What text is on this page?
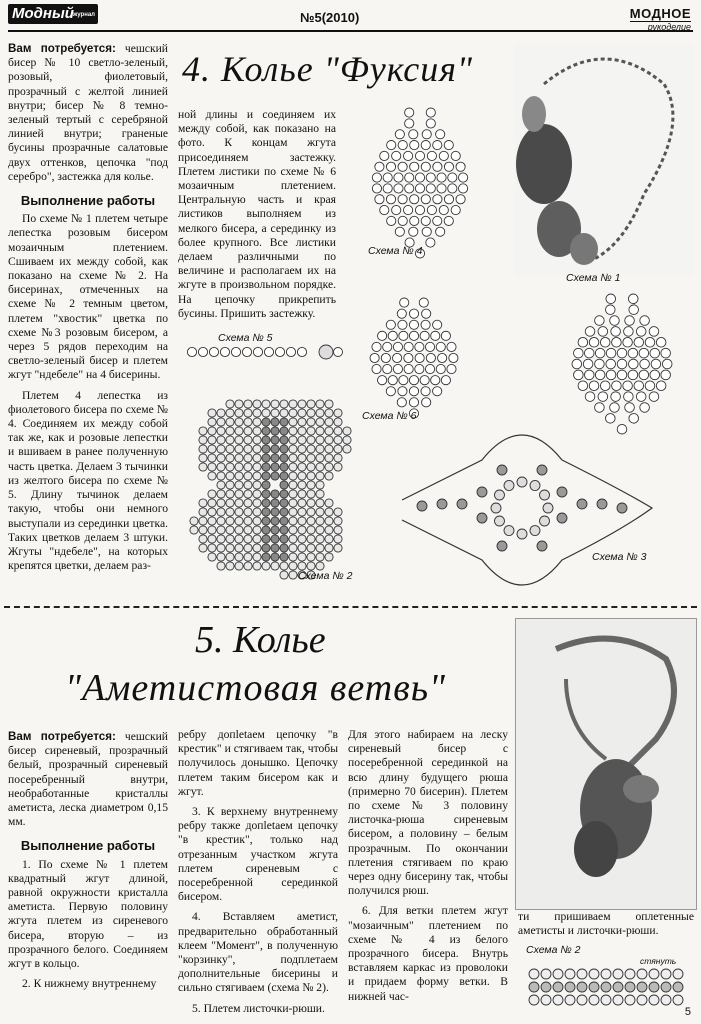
Модный журнал	№5(2010)	МОДНОЕ
рукоделие
4. Колье "Фуксия"

Вам потребуется: чешский бисер № 10 светло-зеленый, розовый, фиолетовый, прозрачный с желтой линией внутри; бисер № 8 темно-зеленый тертый с серебряной линией внутри; граненые бусины прозрачные салатовые двух оттенков, цепочка "под серебро", застежка для колье.

Выполнение работы

По схеме № 1 плетем четыре лепестка розовым бисером мозаичным плетением. Сшиваем их между собой, как показано на схеме № 2. На бисеринах, отмеченных на схеме № 2 темным цветом, плетем "хвостик" цветка по схеме №3 розовым бисером, а через 5 рядов переходим на светло-зеленый бисер и плетем жгут "ндебеле" на 4 бисерины.

Плетем 4 лепестка из фиолетового бисера по схеме № 4. Соединяем их между собой так же, как и розовые лепестки и вшиваем в ранее полученную часть цветка. Делаем 3 тычинки из желтого бисера по схеме № 5. Длину тычинок делаем такую, чтобы они немного выступали из серединки цветка. Таких цветков делаем 3 штуки. Жгуты "ндебеле", на которых крепятся цветки, делаем раз-

ной длины и соединяем их между собой, как показано на фото. К концам жгута присоединяем застежку. Плетем листики по схеме № 6 мозаичным плетением. Центральную часть и края листиков выполняем из мелкого бисера, а серединку из более крупного. Все листики делаем различными по величине и располагаем их на жгуте в произвольном порядке. На цепочку прикрепить бусины. Пришить застежку.

Схема № 4
Схема № 1
Схема № 6
Схема № 5
Схема № 2
Схема № 3
5. Колье
"Аметистовая ветвь"

Вам потребуется: чешский бисер сиреневый, прозрачный белый, прозрачный сиреневый посеребренный внутри, необработанные кристаллы аметиста, леска диаметром 0,15 мм.

Выполнение работы

1. По схеме № 1 плетем квадратный жгут длиной, равной окружности кристалла аметиста. Первую половину жгута плетем из сиреневого бисера, вторую – из прозрачного белого. Соединяем жгут в кольцо.

2. К нижнему внутреннему

ребру допletаем цепочку "в крестик" и стягиваем так, чтобы получилось донышко. Цепочку плетем таким бисером как и жгут.

3. К верхнему внутреннему ребру также допletаем цепочку "в крестик", только над отрезанным участком жгута плетем сиреневым с посеребренной серединкой бисером.

4. Вставляем аметист, предварительно обработанный клеем "Момент", в полученную "корзинку", подплетаем дополнительные бисерины и сильно стягиваем (схема № 2).

5. Плетем листочки-рюши.

Для этого набираем на леску сиреневый бисер с посеребренной серединкой на всю длину будущего рюша (примерно 70 бисерин). Плетем по схеме № 3 половину листочка-рюша сиреневым бисером, а половину – белым прозрачным. По окончании плетения стягиваем по краю через одну бисерину так, чтобы получился рюш.

6. Для ветки плетем жгут "мозаичным" плетением по схеме № 4 из белого прозрачного бисера. Внутрь вставляем каркас из проволоки и придаем форму ветки. В нижней час-

ти пришиваем оплетенные аметисты и листочки-рюши.

Схема № 2
стянуть
5
